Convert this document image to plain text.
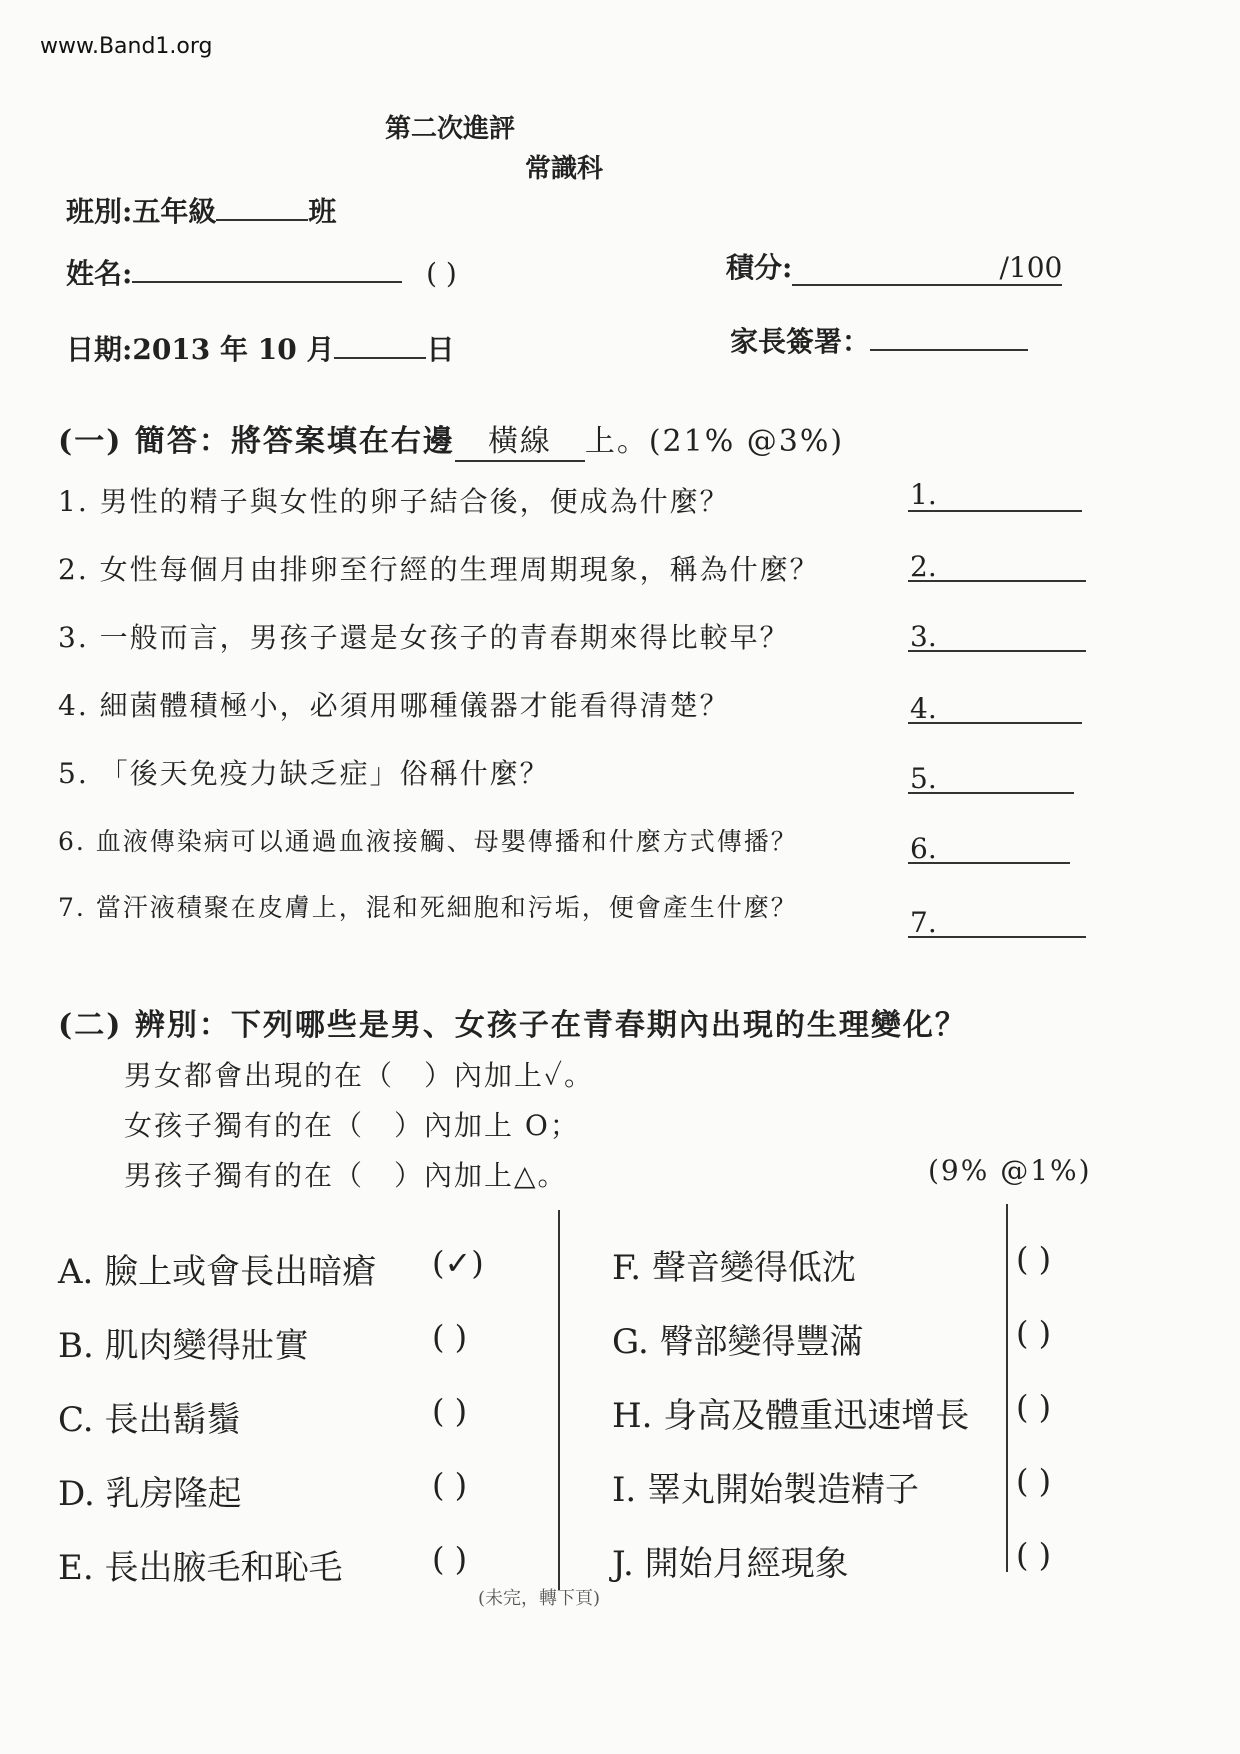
www.Band1.org
第二次進評
常識科
班別:五年級	班
姓名:	( )	積分:	/100
日期:2013 年 10 月	日	家長簽署：
(一) 簡答：將答案填在右邊 橫線 上。(21% @3%)
1. 男性的精子與女性的卵子結合後，便成為什麼？	1.
2. 女性每個月由排卵至行經的生理周期現象，稱為什麼？	2.
3. 一般而言，男孩子還是女孩子的青春期來得比較早？	3.
4. 細菌體積極小，必須用哪種儀器才能看得清楚？	4.
5. 「後天免疫力缺乏症」俗稱什麼？	5.
6. 血液傳染病可以通過血液接觸、母嬰傳播和什麼方式傳播？	6.
7. 當汗液積聚在皮膚上，混和死細胞和污垢，便會產生什麼？	7.
(二) 辨別：下列哪些是男、女孩子在青春期內出現的生理變化？
男女都會出現的在（　）內加上✓。
女孩子獨有的在（　）內加上 O；
男孩子獨有的在（　）內加上△。	(9% @1%)
A. 臉上或會長出暗瘡 (✓)
B. 肌肉變得壯實	( )
C. 長出鬍鬚	( )
D. 乳房隆起	( )
E. 長出腋毛和恥毛	( )
F. 聲音變得低沈	( )
G. 臀部變得豐滿	( )
H. 身高及體重迅速增長 ( )
I. 睪丸開始製造精子	( )
J. 開始月經現象	( )
(未完，轉下頁)
